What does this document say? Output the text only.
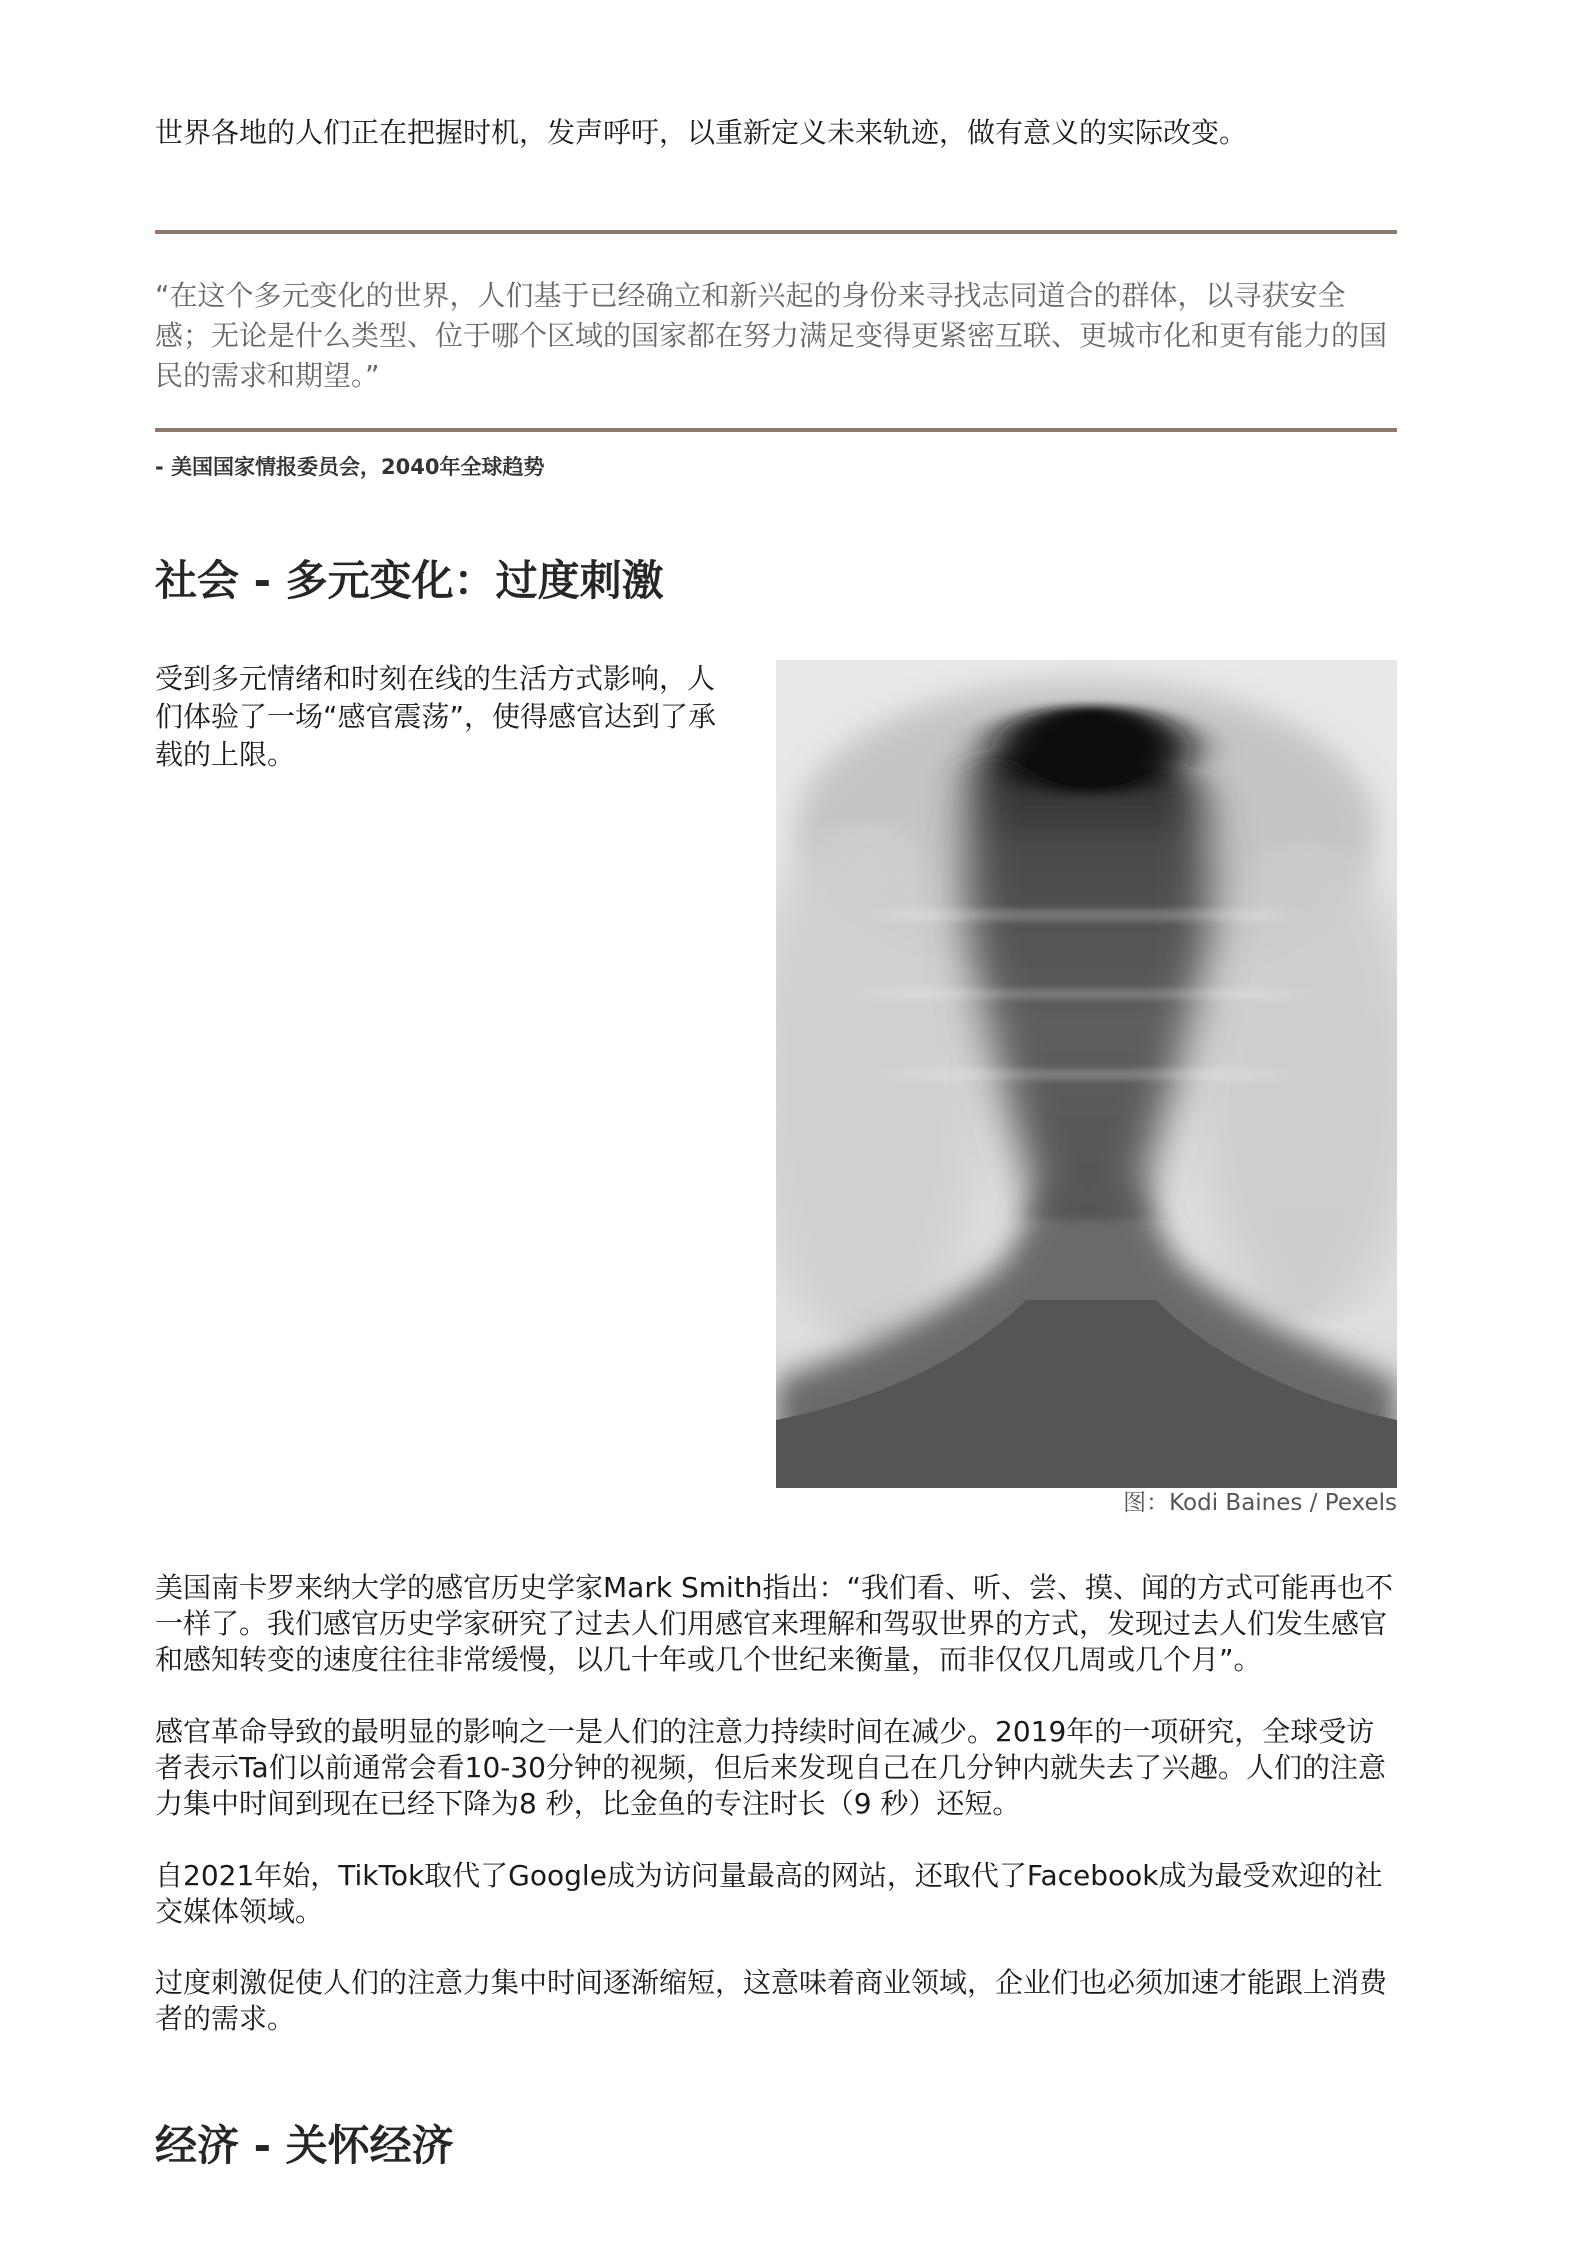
世界各地的人们正在把握时机，发声呼吁，以重新定义未来轨迹，做有意义的实际改变。
“在这个多元变化的世界，人们基于已经确立和新兴起的身份来寻找志同道合的群体，以寻获安全感；无论是什么类型、位于哪个区域的国家都在努力满足变得更紧密互联、更城市化和更有能力的国民的需求和期望。”
- 美国国家情报委员会，2040年全球趋势
社会 - 多元变化：过度刺激
受到多元情绪和时刻在线的生活方式影响，人们体验了一场“感官震荡”，使得感官达到了承载的上限。
图：Kodi Baines / Pexels

美国南卡罗来纳大学的感官历史学家Mark Smith指出：“我们看、听、尝、摸、闻的方式可能再也不一样了。我们感官历史学家研究了过去人们用感官来理解和驾驭世界的方式，发现过去人们发生感官和感知转变的速度往往非常缓慢，以几十年或几个世纪来衡量，而非仅仅几周或几个月”。

感官革命导致的最明显的影响之一是人们的注意力持续时间在减少。2019年的一项研究，全球受访者表示Ta们以前通常会看10-30分钟的视频，但后来发现自己在几分钟内就失去了兴趣。人们的注意力集中时间到现在已经下降为8 秒，比金鱼的专注时长（9 秒）还短。

自2021年始，TikTok取代了Google成为访问量最高的网站，还取代了Facebook成为最受欢迎的社交媒体领域。

过度刺激促使人们的注意力集中时间逐渐缩短，这意味着商业领域，企业们也必须加速才能跟上消费者的需求。

经济 - 关怀经济
